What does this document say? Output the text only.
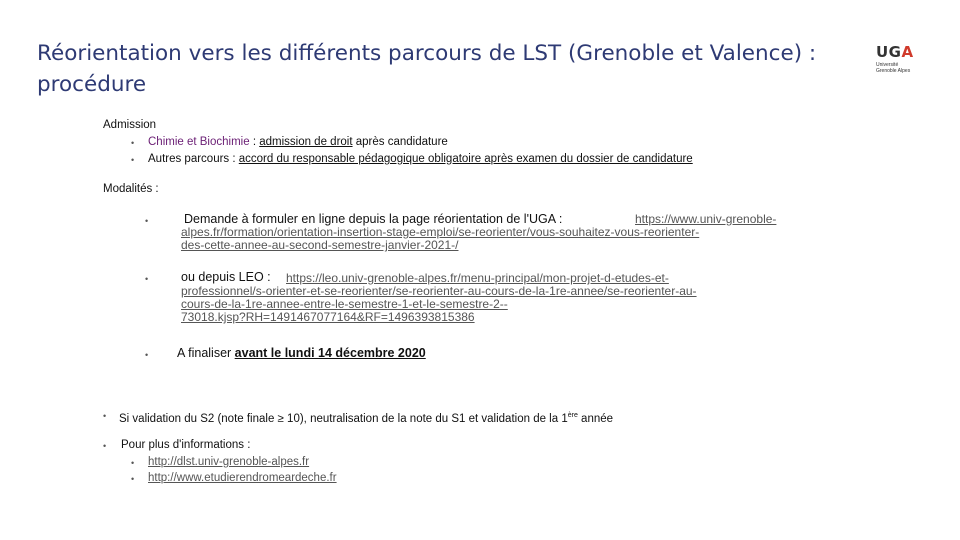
Réorientation vers les différents parcours de LST (Grenoble et Valence) : procédure
UGA
Université
Grenoble Alpes
Admission
• Chimie et Biochimie : admission de droit après candidature
• Autres parcours : accord du responsable pédagogique obligatoire après examen du dossier de candidature
Modalités :
•	Demande à formuler en ligne depuis la page réorientation de l'UGA :	https://www.univ-grenoble-
alpes.fr/formation/orientation-insertion-stage-emploi/se-reorienter/vous-souhaitez-vous-reorienter-
des-cette-annee-au-second-semestre-janvier-2021-/
•	ou depuis LEO : https://leo.univ-grenoble-alpes.fr/menu-principal/mon-projet-d-etudes-et-
professionnel/s-orienter-et-se-reorienter/se-reorienter-au-cours-de-la-1re-annee/se-reorienter-au-
cours-de-la-1re-annee-entre-le-semestre-1-et-le-semestre-2--
73018.kjsp?RH=1491467077164&RF=1496393815386
• A finaliser avant le lundi 14 décembre 2020
• Si validation du S2 (note finale ≥ 10), neutralisation de la note du S1 et validation de la 1ère année
• Pour plus d'informations :
• http://dlst.univ-grenoble-alpes.fr
• http://www.etudierendromeardeche.fr
